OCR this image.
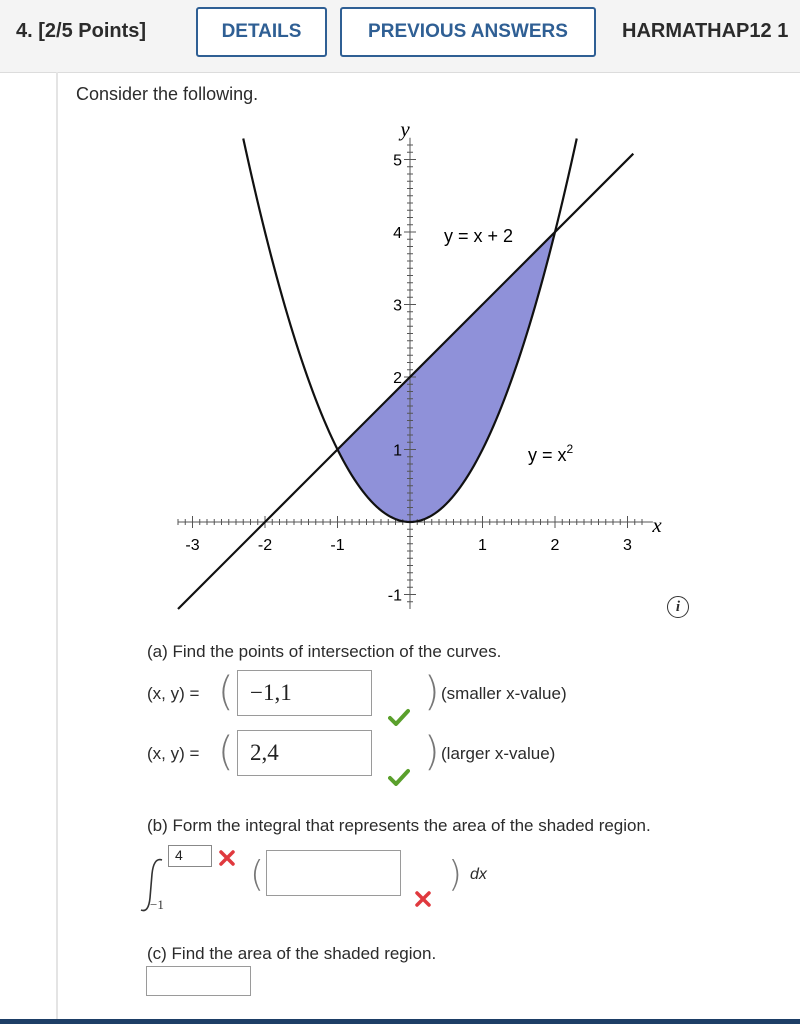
4. [2/5 Points]	DETAILS	PREVIOUS ANSWERS	HARMATHAP12 1
Consider the following.
y
x
y = x + 2
$y = x^2$
-3	-2	-1	1	2	3
5
4
3
2
1
-1
i
(a) Find the points of intersection of the curves.
(x, y) = ( −1,1	) (smaller x-value)
(x, y) = ( 2,4	) (larger x-value)
(b) Form the integral that represents the area of the shaded region.
4
−1
(	) dx
(c) Find the area of the shaded region.
